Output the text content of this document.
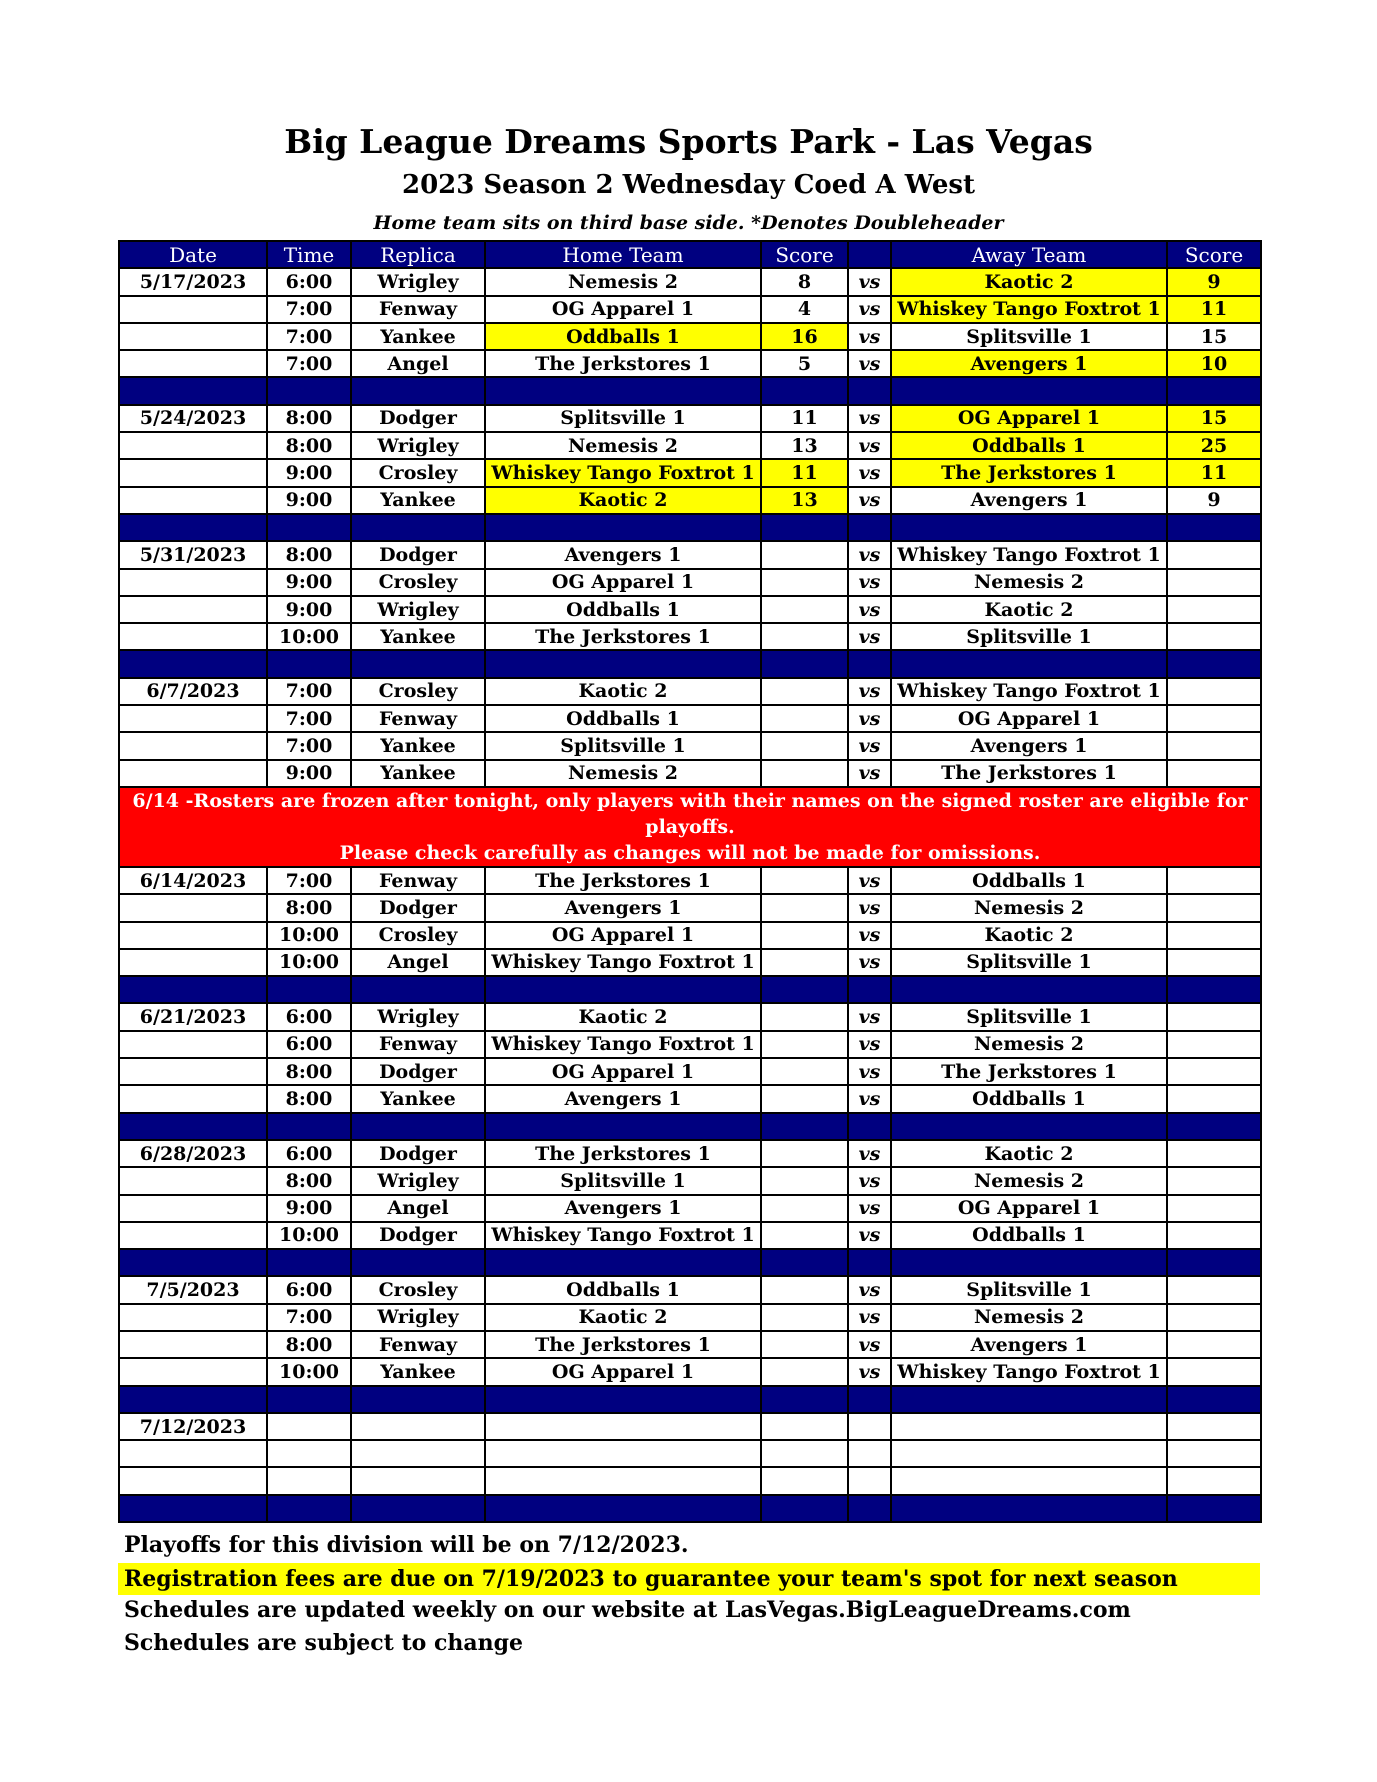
Big League Dreams Sports Park - Las Vegas
2023 Season 2 Wednesday Coed A West
Home team sits on third base side. *Denotes Doubleheader
Date	Time	Replica	Home Team	Score		Away Team	Score
5/17/2023	6:00	Wrigley	Nemesis 2	8	vs	Kaotic 2	9
	7:00	Fenway	OG Apparel 1	4	vs	Whiskey Tango Foxtrot 1	11
	7:00	Yankee	Oddballs 1	16	vs	Splitsville 1	15
	7:00	Angel	The Jerkstores 1	5	vs	Avengers 1	10

5/24/2023	8:00	Dodger	Splitsville 1	11	vs	OG Apparel 1	15
	8:00	Wrigley	Nemesis 2	13	vs	Oddballs 1	25
	9:00	Crosley	Whiskey Tango Foxtrot 1	11	vs	The Jerkstores 1	11
	9:00	Yankee	Kaotic 2	13	vs	Avengers 1	9

5/31/2023	8:00	Dodger	Avengers 1		vs	Whiskey Tango Foxtrot 1	
	9:00	Crosley	OG Apparel 1		vs	Nemesis 2	
	9:00	Wrigley	Oddballs 1		vs	Kaotic 2	
	10:00	Yankee	The Jerkstores 1		vs	Splitsville 1	

6/7/2023	7:00	Crosley	Kaotic 2		vs	Whiskey Tango Foxtrot 1	
	7:00	Fenway	Oddballs 1		vs	OG Apparel 1	
	7:00	Yankee	Splitsville 1		vs	Avengers 1	
	9:00	Yankee	Nemesis 2		vs	The Jerkstores 1	

6/14 -Rosters are frozen after tonight, only players with their names on the signed roster are eligible for playoffs.
Please check carefully as changes will not be made for omissions.							

6/14/2023	7:00	Fenway	The Jerkstores 1		vs	Oddballs 1	
	8:00	Dodger	Avengers 1		vs	Nemesis 2	
	10:00	Crosley	OG Apparel 1		vs	Kaotic 2	
	10:00	Angel	Whiskey Tango Foxtrot 1		vs	Splitsville 1	

6/21/2023	6:00	Wrigley	Kaotic 2		vs	Splitsville 1	
	6:00	Fenway	Whiskey Tango Foxtrot 1		vs	Nemesis 2	
	8:00	Dodger	OG Apparel 1		vs	The Jerkstores 1	
	8:00	Yankee	Avengers 1		vs	Oddballs 1	

6/28/2023	6:00	Dodger	The Jerkstores 1		vs	Kaotic 2	
	8:00	Wrigley	Splitsville 1		vs	Nemesis 2	
	9:00	Angel	Avengers 1		vs	OG Apparel 1	
	10:00	Dodger	Whiskey Tango Foxtrot 1		vs	Oddballs 1	

7/5/2023	6:00	Crosley	Oddballs 1		vs	Splitsville 1	
	7:00	Wrigley	Kaotic 2		vs	Nemesis 2	
	8:00	Fenway	The Jerkstores 1		vs	Avengers 1	
	10:00	Yankee	OG Apparel 1		vs	Whiskey Tango Foxtrot 1	

7/12/2023							

Playoffs for this division will be on 7/12/2023.
Registration fees are due on 7/19/2023 to guarantee your team's spot for next season
Schedules are updated weekly on our website at LasVegas.BigLeagueDreams.com
Schedules are subject to change
